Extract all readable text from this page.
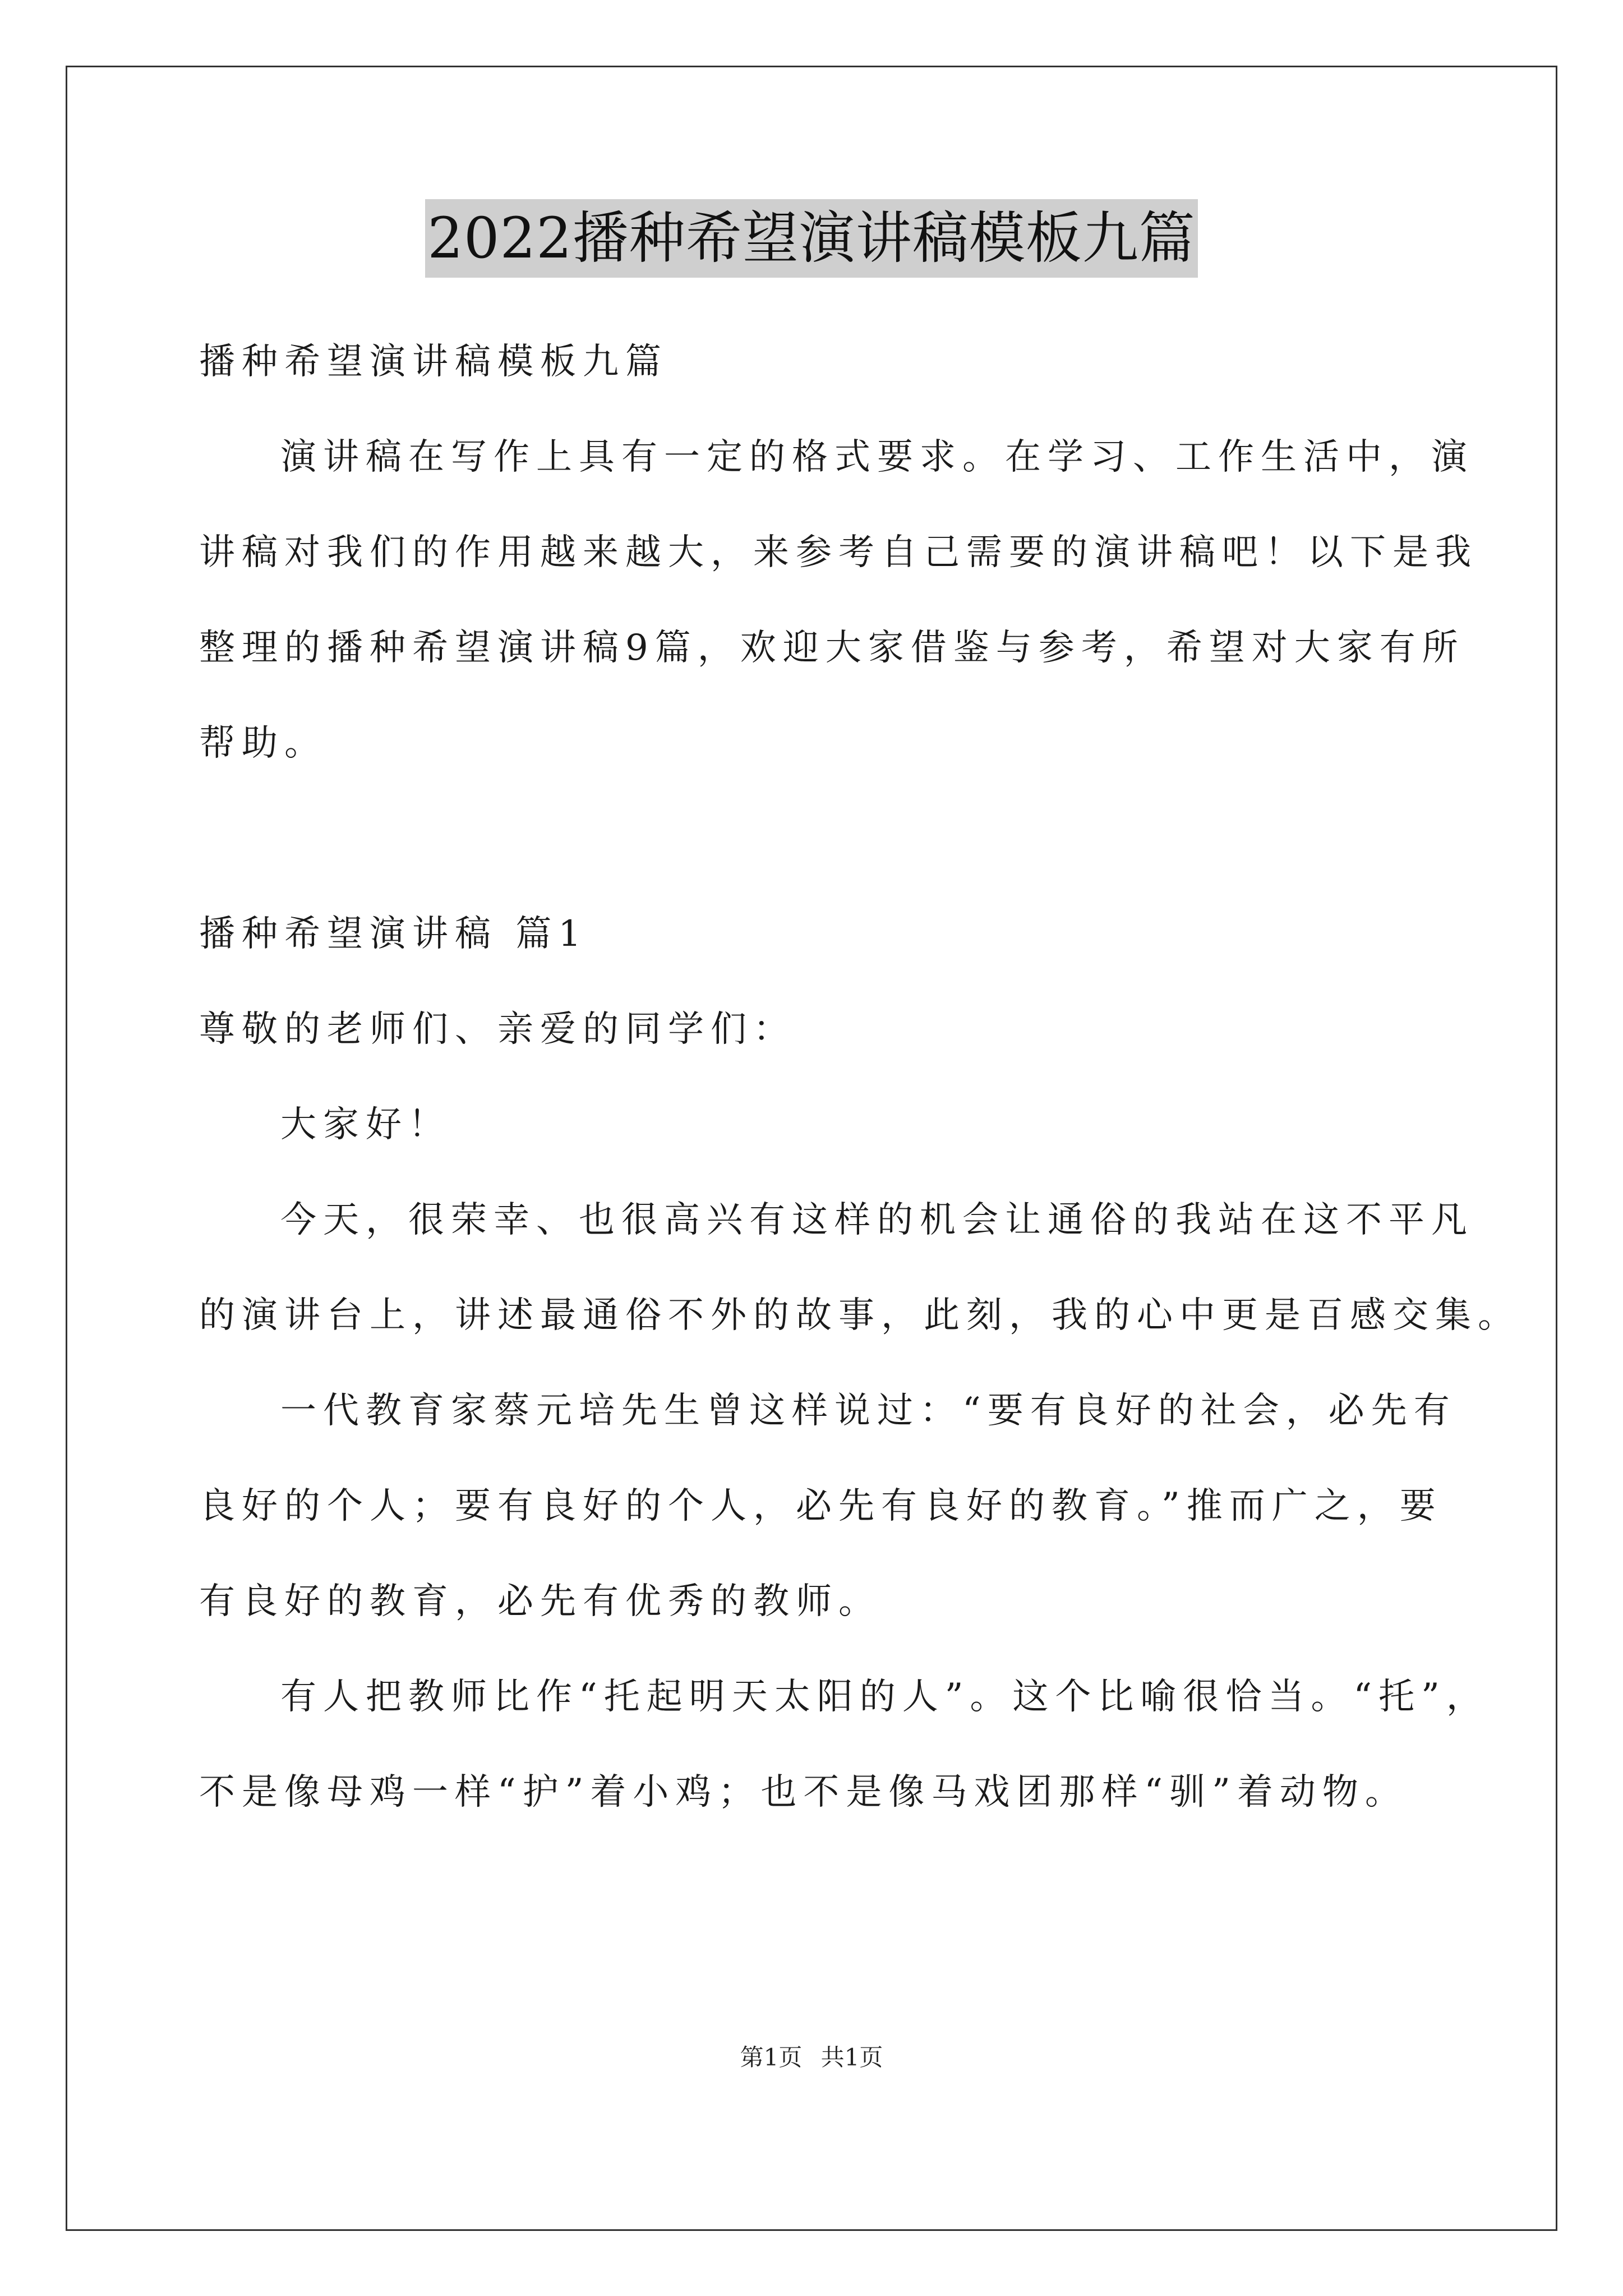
2022播种希望演讲稿模板九篇

播种希望演讲稿模板九篇

演讲稿在写作上具有一定的格式要求。在学习、工作生活中，演

讲稿对我们的作用越来越大，来参考自己需要的演讲稿吧！以下是我

整理的播种希望演讲稿9篇，欢迎大家借鉴与参考，希望对大家有所

帮助。

播种希望演讲稿 篇1

尊敬的老师们、亲爱的同学们：

大家好！

今天，很荣幸、也很高兴有这样的机会让通俗的我站在这不平凡

的演讲台上，讲述最通俗不外的故事，此刻，我的心中更是百感交集。

一代教育家蔡元培先生曾这样说过：“要有良好的社会，必先有

良好的个人；要有良好的个人，必先有良好的教育。”推而广之，要

有良好的教育，必先有优秀的教师。

有人把教师比作“托起明天太阳的人”。这个比喻很恰当。“托”，

不是像母鸡一样“护”着小鸡；也不是像马戏团那样“驯”着动物。

第1页 共1页
